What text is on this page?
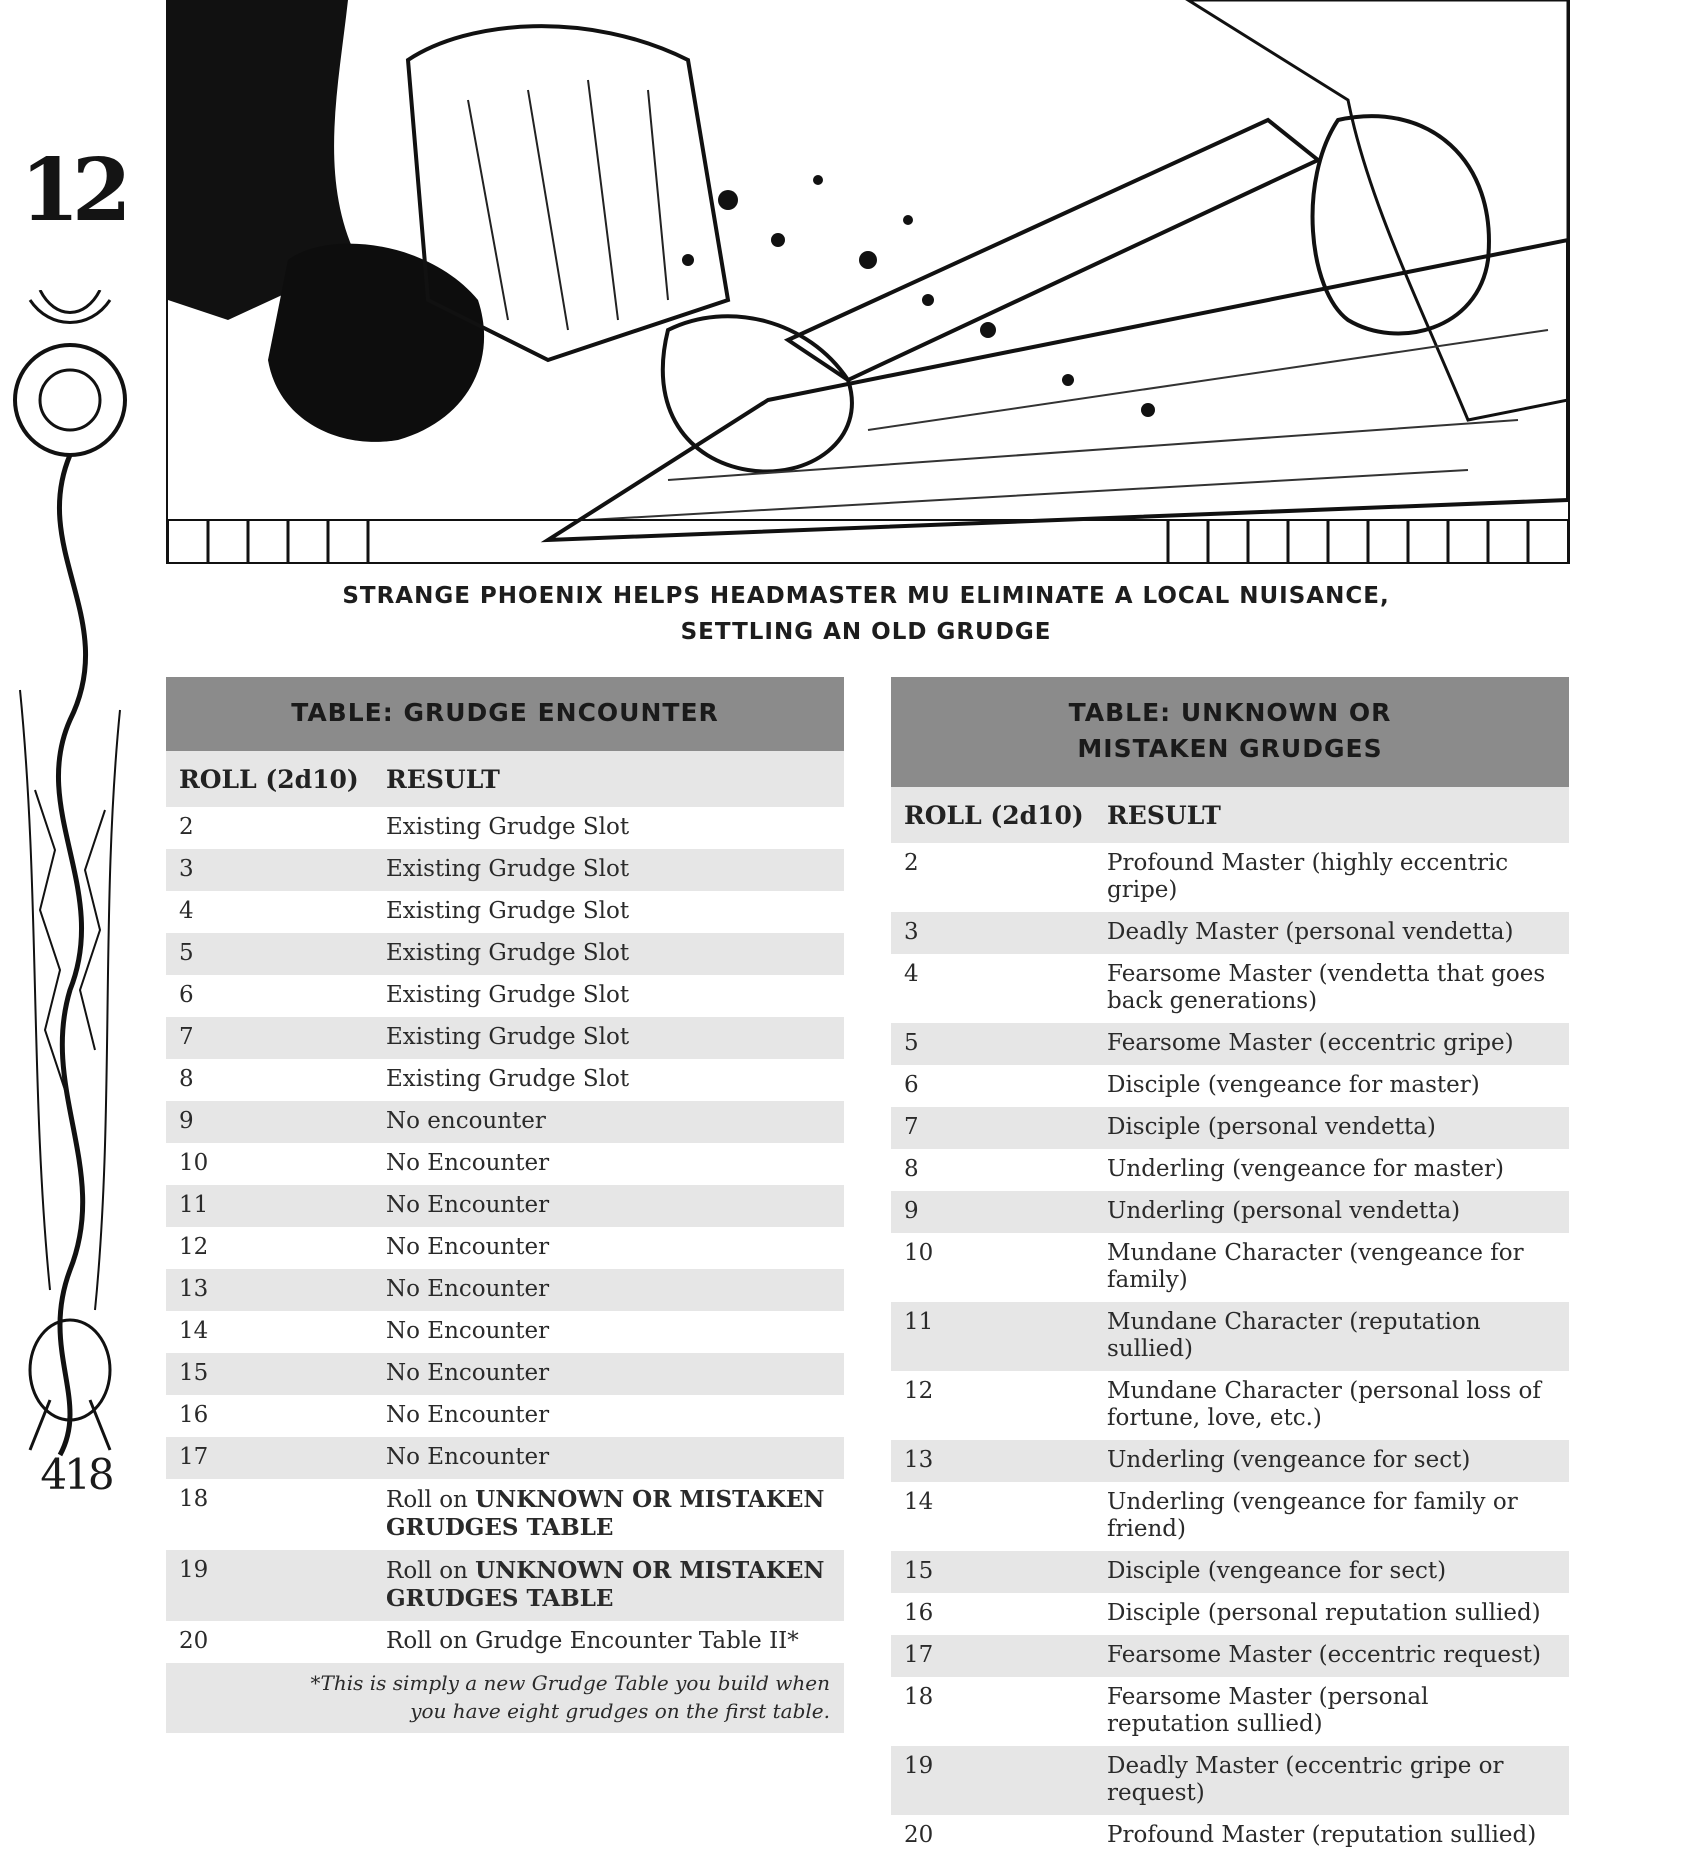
12
418
STRANGE PHOENIX HELPS HEADMASTER MU ELIMINATE A LOCAL NUISANCE,
SETTLING AN OLD GRUDGE
TABLE: GRUDGE ENCOUNTER
ROLL (2d10)	RESULT
2	Existing Grudge Slot
3	Existing Grudge Slot
4	Existing Grudge Slot
5	Existing Grudge Slot
6	Existing Grudge Slot
7	Existing Grudge Slot
8	Existing Grudge Slot
9	No encounter
10	No Encounter
11	No Encounter
12	No Encounter
13	No Encounter
14	No Encounter
15	No Encounter
16	No Encounter
17	No Encounter
18	Roll on UNKNOWN OR MISTAKEN GRUDGES TABLE
19	Roll on UNKNOWN OR MISTAKEN GRUDGES TABLE
20	Roll on Grudge Encounter Table II*
*This is simply a new Grudge Table you build when you have eight grudges on the first table.
TABLE: UNKNOWN OR
MISTAKEN GRUDGES
ROLL (2d10) RESULT
2	Profound Master (highly eccentric gripe)
3	Deadly Master (personal vendetta)
4	Fearsome Master (vendetta that goes back generations)
5	Fearsome Master (eccentric gripe)
6	Disciple (vengeance for master)
7	Disciple (personal vendetta)
8	Underling (vengeance for master)
9	Underling (personal vendetta)
10	Mundane Character (vengeance for family)
11	Mundane Character (reputation sullied)
12	Mundane Character (personal loss of fortune, love, etc.)
13	Underling (vengeance for sect)
14	Underling (vengeance for family or friend)
15	Disciple (vengeance for sect)
16	Disciple (personal reputation sullied)
17	Fearsome Master (eccentric request)
18	Fearsome Master (personal reputation sullied)
19	Deadly Master (eccentric gripe or request)
20	Profound Master (reputation sullied)
